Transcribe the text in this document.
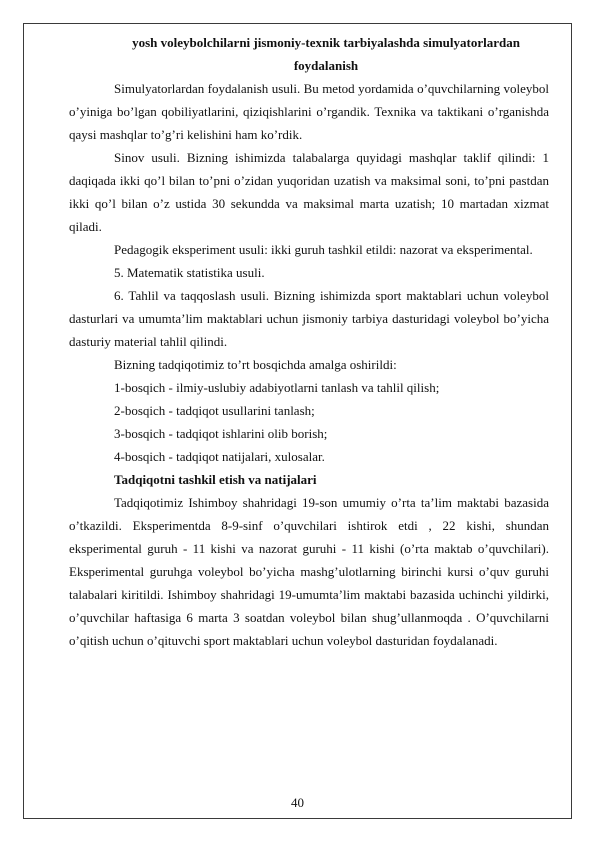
yosh voleybolchilarni jismoniy-texnik tarbiyalashda simulyatorlardan
foydalanish

Simulyatorlardan foydalanish usuli. Bu metod yordamida o’quvchilarning voleybol o’yiniga bo’lgan qobiliyatlarini, qiziqishlarini o’rgandik. Texnika va taktikani o’rganishda qaysi mashqlar to’g’ri kelishini ham ko’rdik.

Sinov usuli. Bizning ishimizda talabalarga quyidagi mashqlar taklif qilindi: 1 daqiqada ikki qo’l bilan to’pni o’zidan yuqoridan uzatish va maksimal soni, to’pni pastdan ikki qo’l bilan o’z ustida 30 sekundda va maksimal marta uzatish; 10 martadan xizmat qiladi.

Pedagogik eksperiment usuli: ikki guruh tashkil etildi: nazorat va eksperimental.

5. Matematik statistika usuli.

6. Tahlil va taqqoslash usuli. Bizning ishimizda sport maktablari uchun voleybol dasturlari va umumta’lim maktablari uchun jismoniy tarbiya dasturidagi voleybol bo’yicha dasturiy material tahlil qilindi.

Bizning tadqiqotimiz to’rt bosqichda amalga oshirildi:

1-bosqich - ilmiy-uslubiy adabiyotlarni tanlash va tahlil qilish;

2-bosqich - tadqiqot usullarini tanlash;

3-bosqich - tadqiqot ishlarini olib borish;

4-bosqich - tadqiqot natijalari, xulosalar.

Tadqiqotni tashkil etish va natijalari

Tadqiqotimiz Ishimboy shahridagi 19-son umumiy o’rta ta’lim maktabi bazasida o’tkazildi. Eksperimentda 8-9-sinf o’quvchilari ishtirok etdi , 22 kishi, shundan eksperimental guruh - 11 kishi va nazorat guruhi - 11 kishi (o’rta maktab o’quvchilari). Eksperimental guruhga voleybol bo’yicha mashg’ulotlarning birinchi kursi o’quv guruhi talabalari kiritildi. Ishimboy shahridagi 19-umumta’lim maktabi bazasida uchinchi yildirki, o’quvchilar haftasiga 6 marta 3 soatdan voleybol bilan shug’ullanmoqda . O’quvchilarni o’qitish uchun o’qituvchi sport maktablari uchun voleybol dasturidan foydalanadi.

40
